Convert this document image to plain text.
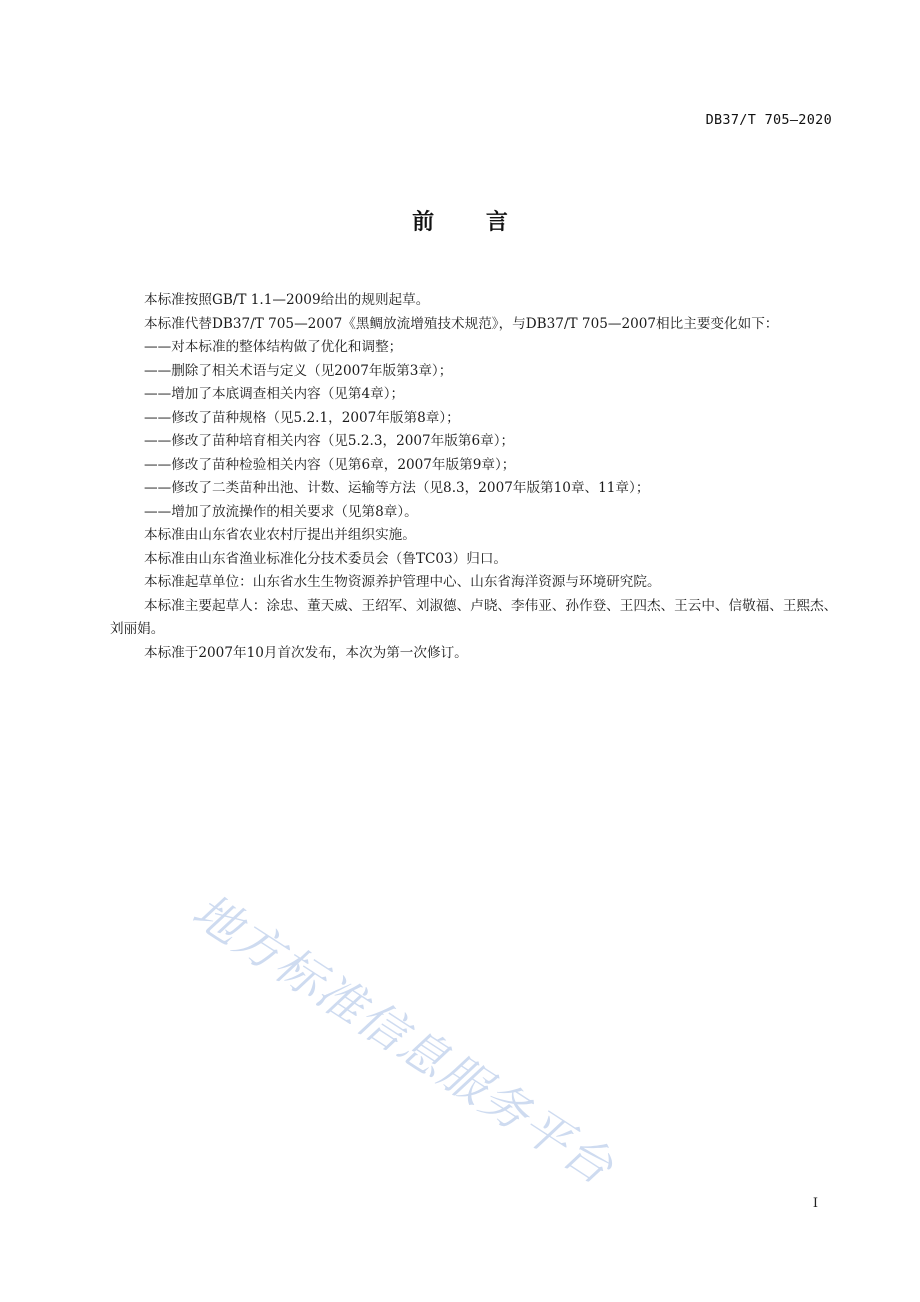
DB37/T 705—2020
前 言

本标准按照GB/T 1.1—2009给出的规则起草。

本标准代替DB37/T 705—2007《黑鲷放流增殖技术规范》，与DB37/T 705—2007相比主要变化如下：

——对本标准的整体结构做了优化和调整；

——删除了相关术语与定义（见2007年版第3章）；

——增加了本底调查相关内容（见第4章）；

——修改了苗种规格（见5.2.1，2007年版第8章）；

——修改了苗种培育相关内容（见5.2.3，2007年版第6章）；

——修改了苗种检验相关内容（见第6章，2007年版第9章）；

——修改了二类苗种出池、计数、运输等方法（见8.3，2007年版第10章、11章）；

——增加了放流操作的相关要求（见第8章）。

本标准由山东省农业农村厅提出并组织实施。

本标准由山东省渔业标准化分技术委员会（鲁TC03）归口。

本标准起草单位：山东省水生生物资源养护管理中心、山东省海洋资源与环境研究院。

本标准主要起草人：涂忠、董天威、王绍军、刘淑德、卢晓、李伟亚、孙作登、王四杰、王云中、信敬福、王熙杰、刘丽娟。

本标准于2007年10月首次发布，本次为第一次修订。

地方标准信息服务平台
I
